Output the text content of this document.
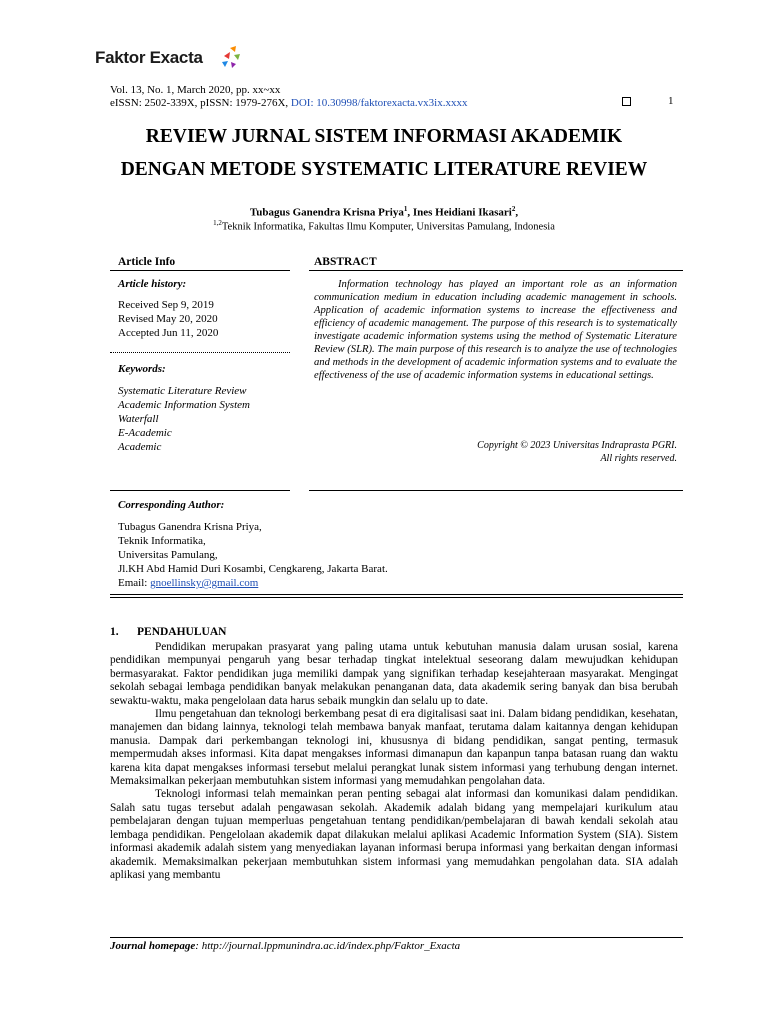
Faktor Exacta
Vol. 13, No. 1, March 2020, pp. xx~xx
eISSN: 2502-339X, pISSN: 1979-276X, DOI: 10.30998/faktorexacta.vx3ix.xxxx	1
REVIEW JURNAL SISTEM INFORMASI AKADEMIK
DENGAN METODE SYSTEMATIC LITERATURE REVIEW
Tubagus Ganendra Krisna Priya$^1$, Ines Heidiani Ikasari$^2$,
$^{1,2}$Teknik Informatika, Fakultas Ilmu Komputer, Universitas Pamulang, Indonesia
Article Info	ABSTRACT
Article history:
Received Sep 9, 2019
Revised May 20, 2020
Accepted Jun 11, 2020
Keywords:
Systematic Literature Review
Academic Information System
Waterfall
E-Academic
Academic
Information technology has played an important role as an information communication medium in education including academic management in schools. Application of academic information systems to increase the effectiveness and efficiency of academic management. The purpose of this research is to systematically investigate academic information systems using the method of Systematic Literature Review (SLR). The main purpose of this research is to analyze the use of technologies and methods in the development of academic information systems and to evaluate the effectiveness of the use of academic information systems in educational settings.
Copyright © 2023 Universitas Indraprasta PGRI.
All rights reserved.
Corresponding Author:
Tubagus Ganendra Krisna Priya,
Teknik Informatika,
Universitas Pamulang,
Jl.KH Abd Hamid Duri Kosambi, Cengkareng, Jakarta Barat.
Email: gnoellinsky@gmail.com
1. PENDAHULUAN

Pendidikan merupakan prasyarat yang paling utama untuk kebutuhan manusia dalam urusan sosial, karena pendidikan mempunyai pengaruh yang besar terhadap tingkat intelektual seseorang dalam mewujudkan kehidupan bermasyarakat. Faktor pendidikan juga memiliki dampak yang signifikan terhadap kesejahteraan masyarakat. Mengingat sekolah sebagai lembaga pendidikan banyak melakukan penanganan data, data akademik sering banyak dan bisa berubah sewaktu-waktu, maka pengelolaan data harus sebaik mungkin dan selalu up to date.

Ilmu pengetahuan dan teknologi berkembang pesat di era digitalisasi saat ini. Dalam bidang pendidikan, kesehatan, manajemen dan bidang lainnya, teknologi telah membawa banyak manfaat, terutama dalam kaitannya dengan kehidupan manusia. Dampak dari perkembangan teknologi ini, khususnya di bidang pendidikan, sangat penting, termasuk mempermudah akses informasi. Kita dapat mengakses informasi dimanapun dan kapanpun tanpa batasan ruang dan waktu karena kita dapat mengakses informasi tersebut melalui perangkat lunak sistem informasi yang terhubung dengan internet. Memaksimalkan pekerjaan membutuhkan sistem informasi yang memudahkan pengolahan data.

Teknologi informasi telah memainkan peran penting sebagai alat informasi dan komunikasi dalam pendidikan. Salah satu tugas tersebut adalah pengawasan sekolah. Akademik adalah bidang yang mempelajari kurikulum atau pembelajaran dengan tujuan memperluas pengetahuan tentang pendidikan/pembelajaran di bawah kendali sekolah atau lembaga pendidikan. Pengelolaan akademik dapat dilakukan melalui aplikasi Academic Information System (SIA). Sistem informasi akademik adalah sistem yang menyediakan layanan informasi berupa informasi yang berkaitan dengan informasi akademik. Memaksimalkan pekerjaan membutuhkan sistem informasi yang memudahkan pengolahan data. SIA adalah aplikasi yang membantu

Journal homepage: http://journal.lppmunindra.ac.id/index.php/Faktor_Exacta
